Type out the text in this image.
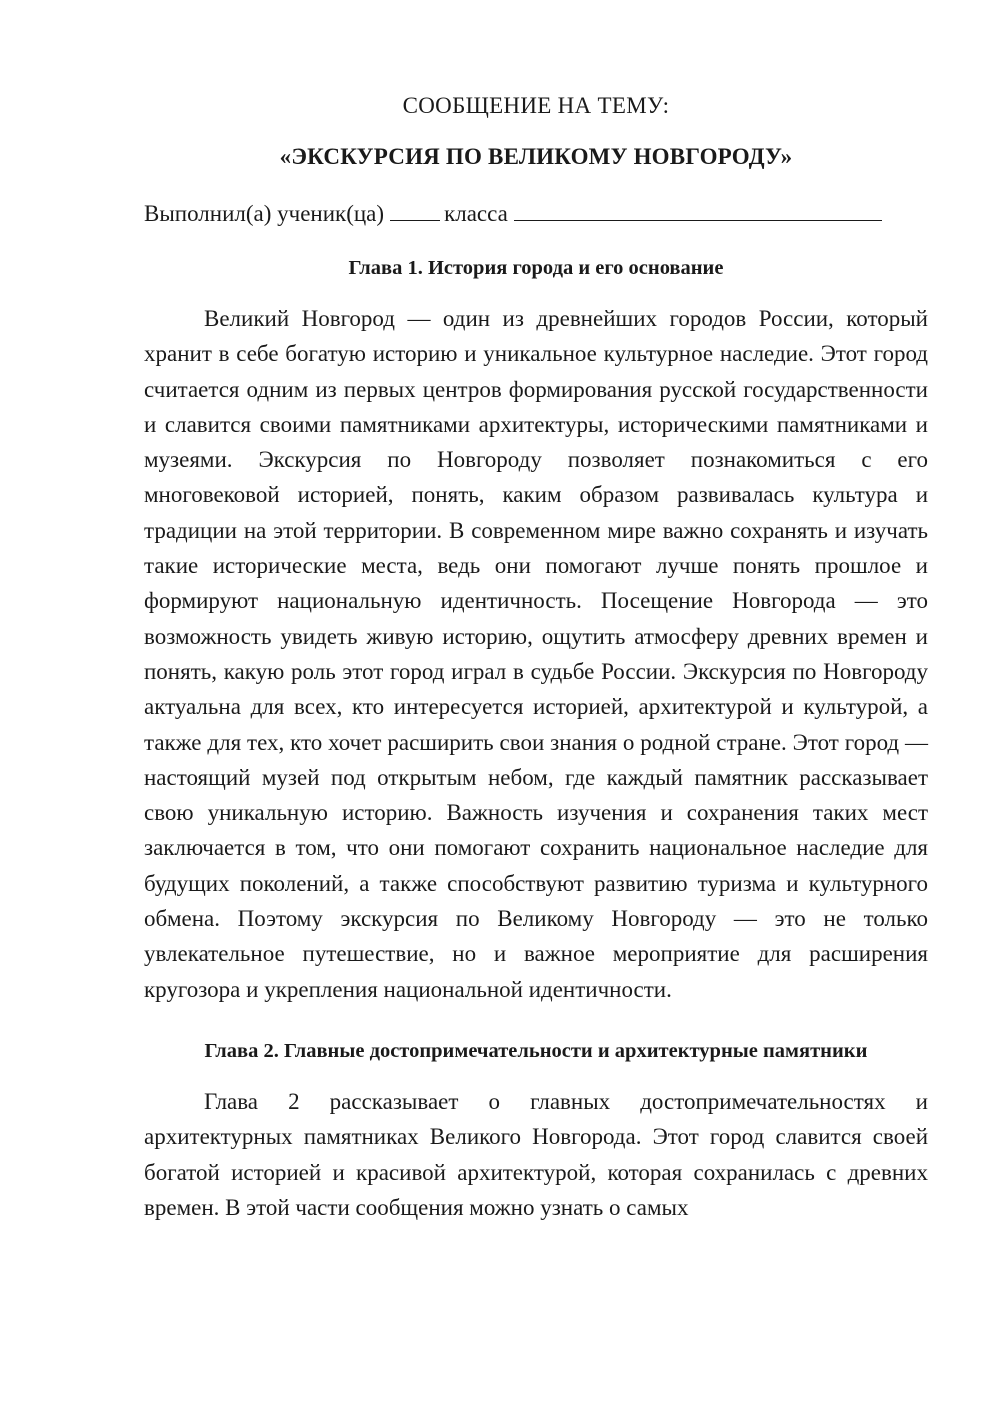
СООБЩЕНИЕ НА ТЕМУ:

«ЭКСКУРСИЯ ПО ВЕЛИКОМУ НОВГОРОДУ»

Выполнил(а) ученик(ца)	класса
Глава 1. История города и его основание

Великий Новгород — один из древнейших городов России, который хранит в себе богатую историю и уникальное культурное наследие. Этот город считается одним из первых центров формирования русской государственности и славится своими памятниками архитектуры, историческими памятниками и музеями. Экскурсия по Новгороду позволяет познакомиться с его многовековой историей, понять, каким образом развивалась культура и традиции на этой территории. В современном мире важно сохранять и изучать такие исторические места, ведь они помогают лучше понять прошлое и формируют национальную идентичность. Посещение Новгорода — это возможность увидеть живую историю, ощутить атмосферу древних времен и понять, какую роль этот город играл в судьбе России. Экскурсия по Новгороду актуальна для всех, кто интересуется историей, архитектурой и культурой, а также для тех, кто хочет расширить свои знания о родной стране. Этот город — настоящий музей под открытым небом, где каждый памятник рассказывает свою уникальную историю. Важность изучения и сохранения таких мест заключается в том, что они помогают сохранить национальное наследие для будущих поколений, а также способствуют развитию туризма и культурного обмена. Поэтому экскурсия по Великому Новгороду — это не только увлекательное путешествие, но и важное мероприятие для расширения кругозора и укрепления национальной идентичности.

Глава 2. Главные достопримечательности и архитектурные памятники

Глава 2 рассказывает о главных достопримечательностях и архитектурных памятниках Великого Новгорода. Этот город славится своей богатой историей и красивой архитектурой, которая сохранилась с древних времен. В этой части сообщения можно узнать о самых
